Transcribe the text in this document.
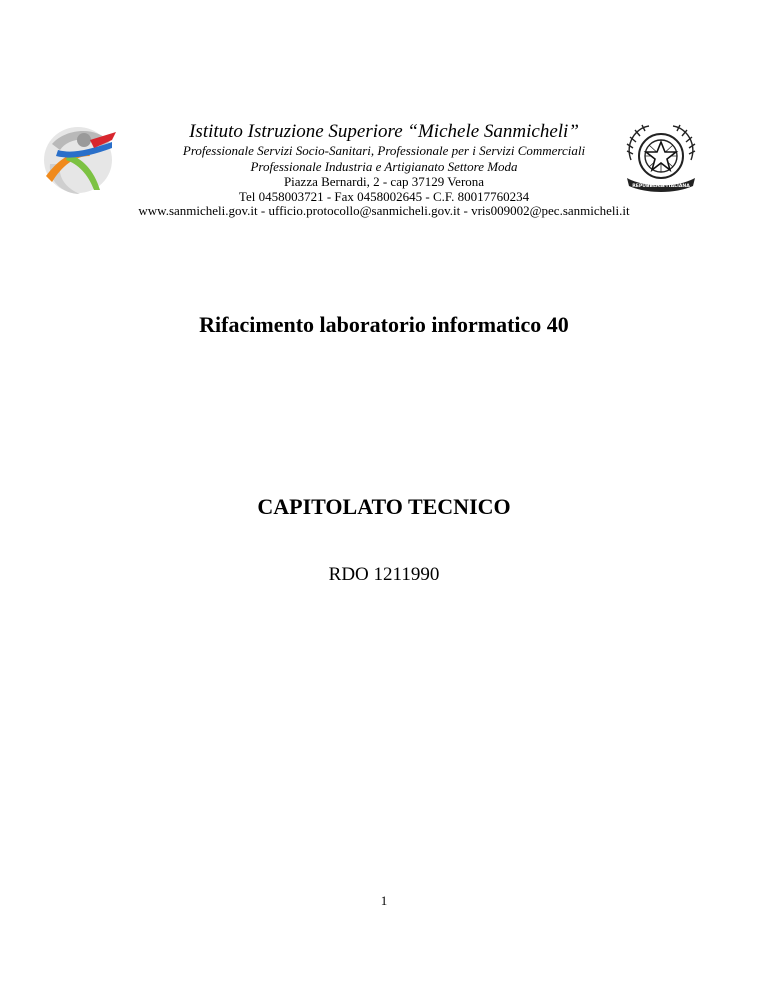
Istituto Istruzione Superiore “Michele Sanmicheli”
Professionale Servizi Socio-Sanitari, Professionale per i Servizi Commerciali
Professionale Industria e Artigianato Settore Moda
Piazza Bernardi, 2 - cap 37129 Verona
Tel 0458003721 - Fax 0458002645 - C.F. 80017760234
www.sanmicheli.gov.it - ufficio.protocollo@sanmicheli.gov.it - vris009002@pec.sanmicheli.it
REPUBBLICA ITALIANA
Rifacimento laboratorio informatico 40
CAPITOLATO TECNICO
RDO 1211990
1
